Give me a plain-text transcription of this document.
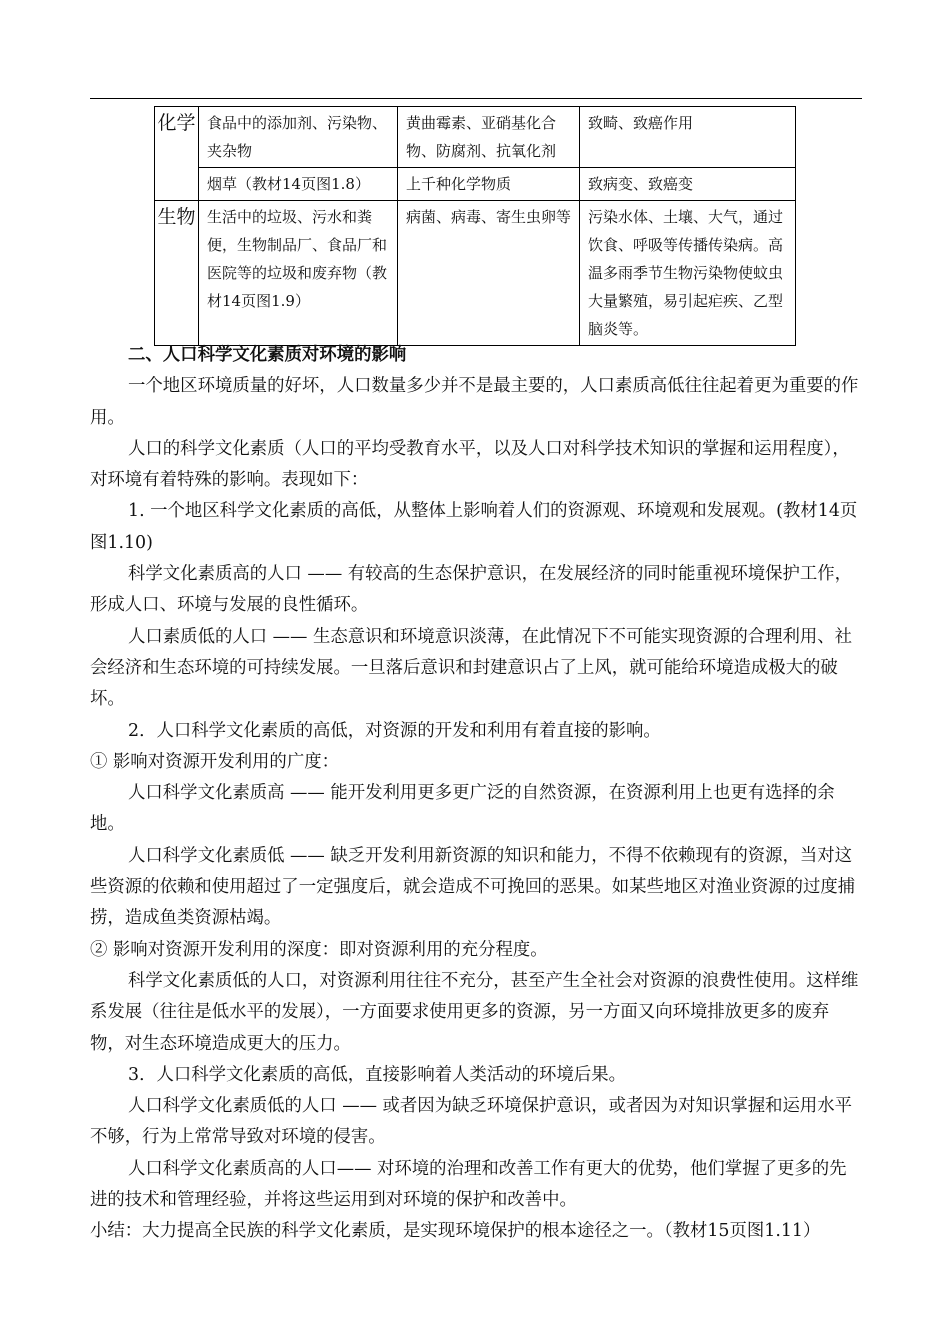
化学	食品中的添加剂、污染物、夹杂物	黄曲霉素、亚硝基化合物、防腐剂、抗氧化剂	致畸、致癌作用
	烟草（教材14页图1.8）	上千种化学物质	致病变、致癌变
生物	生活中的垃圾、污水和粪便，生物制品厂、食品厂和医院等的垃圾和废弃物（教材14页图1.9）	病菌、病毒、寄生虫卵等	污染水体、土壤、大气，通过饮食、呼吸等传播传染病。高温多雨季节生物污染物使蚊虫大量繁殖，易引起疟疾、乙型脑炎等。

二、人口科学文化素质对环境的影响

一个地区环境质量的好坏，人口数量多少并不是最主要的，人口素质高低往往起着更为重要的作用。

人口的科学文化素质（人口的平均受教育水平，以及人口对科学技术知识的掌握和运用程度），对环境有着特殊的影响。表现如下：

1. 一个地区科学文化素质的高低，从整体上影响着人们的资源观、环境观和发展观。(教材14页图1.10)

科学文化素质高的人口 —— 有较高的生态保护意识，在发展经济的同时能重视环境保护工作，形成人口、环境与发展的良性循环。

人口素质低的人口 —— 生态意识和环境意识淡薄，在此情况下不可能实现资源的合理利用、社会经济和生态环境的可持续发展。一旦落后意识和封建意识占了上风，就可能给环境造成极大的破坏。

2．人口科学文化素质的高低，对资源的开发和利用有着直接的影响。

① 影响对资源开发利用的广度：

人口科学文化素质高 —— 能开发利用更多更广泛的自然资源，在资源利用上也更有选择的余地。

人口科学文化素质低 —— 缺乏开发利用新资源的知识和能力，不得不依赖现有的资源，当对这些资源的依赖和使用超过了一定强度后，就会造成不可挽回的恶果。如某些地区对渔业资源的过度捕捞，造成鱼类资源枯竭。

② 影响对资源开发利用的深度：即对资源利用的充分程度。

科学文化素质低的人口，对资源利用往往不充分，甚至产生全社会对资源的浪费性使用。这样维系发展（往往是低水平的发展），一方面要求使用更多的资源，另一方面又向环境排放更多的废弃物，对生态环境造成更大的压力。

3．人口科学文化素质的高低，直接影响着人类活动的环境后果。

人口科学文化素质低的人口 —— 或者因为缺乏环境保护意识，或者因为对知识掌握和运用水平不够，行为上常常导致对环境的侵害。

人口科学文化素质高的人口—— 对环境的治理和改善工作有更大的优势，他们掌握了更多的先进的技术和管理经验，并将这些运用到对环境的保护和改善中。

小结：大力提高全民族的科学文化素质，是实现环境保护的根本途径之一。（教材15页图1.11）
